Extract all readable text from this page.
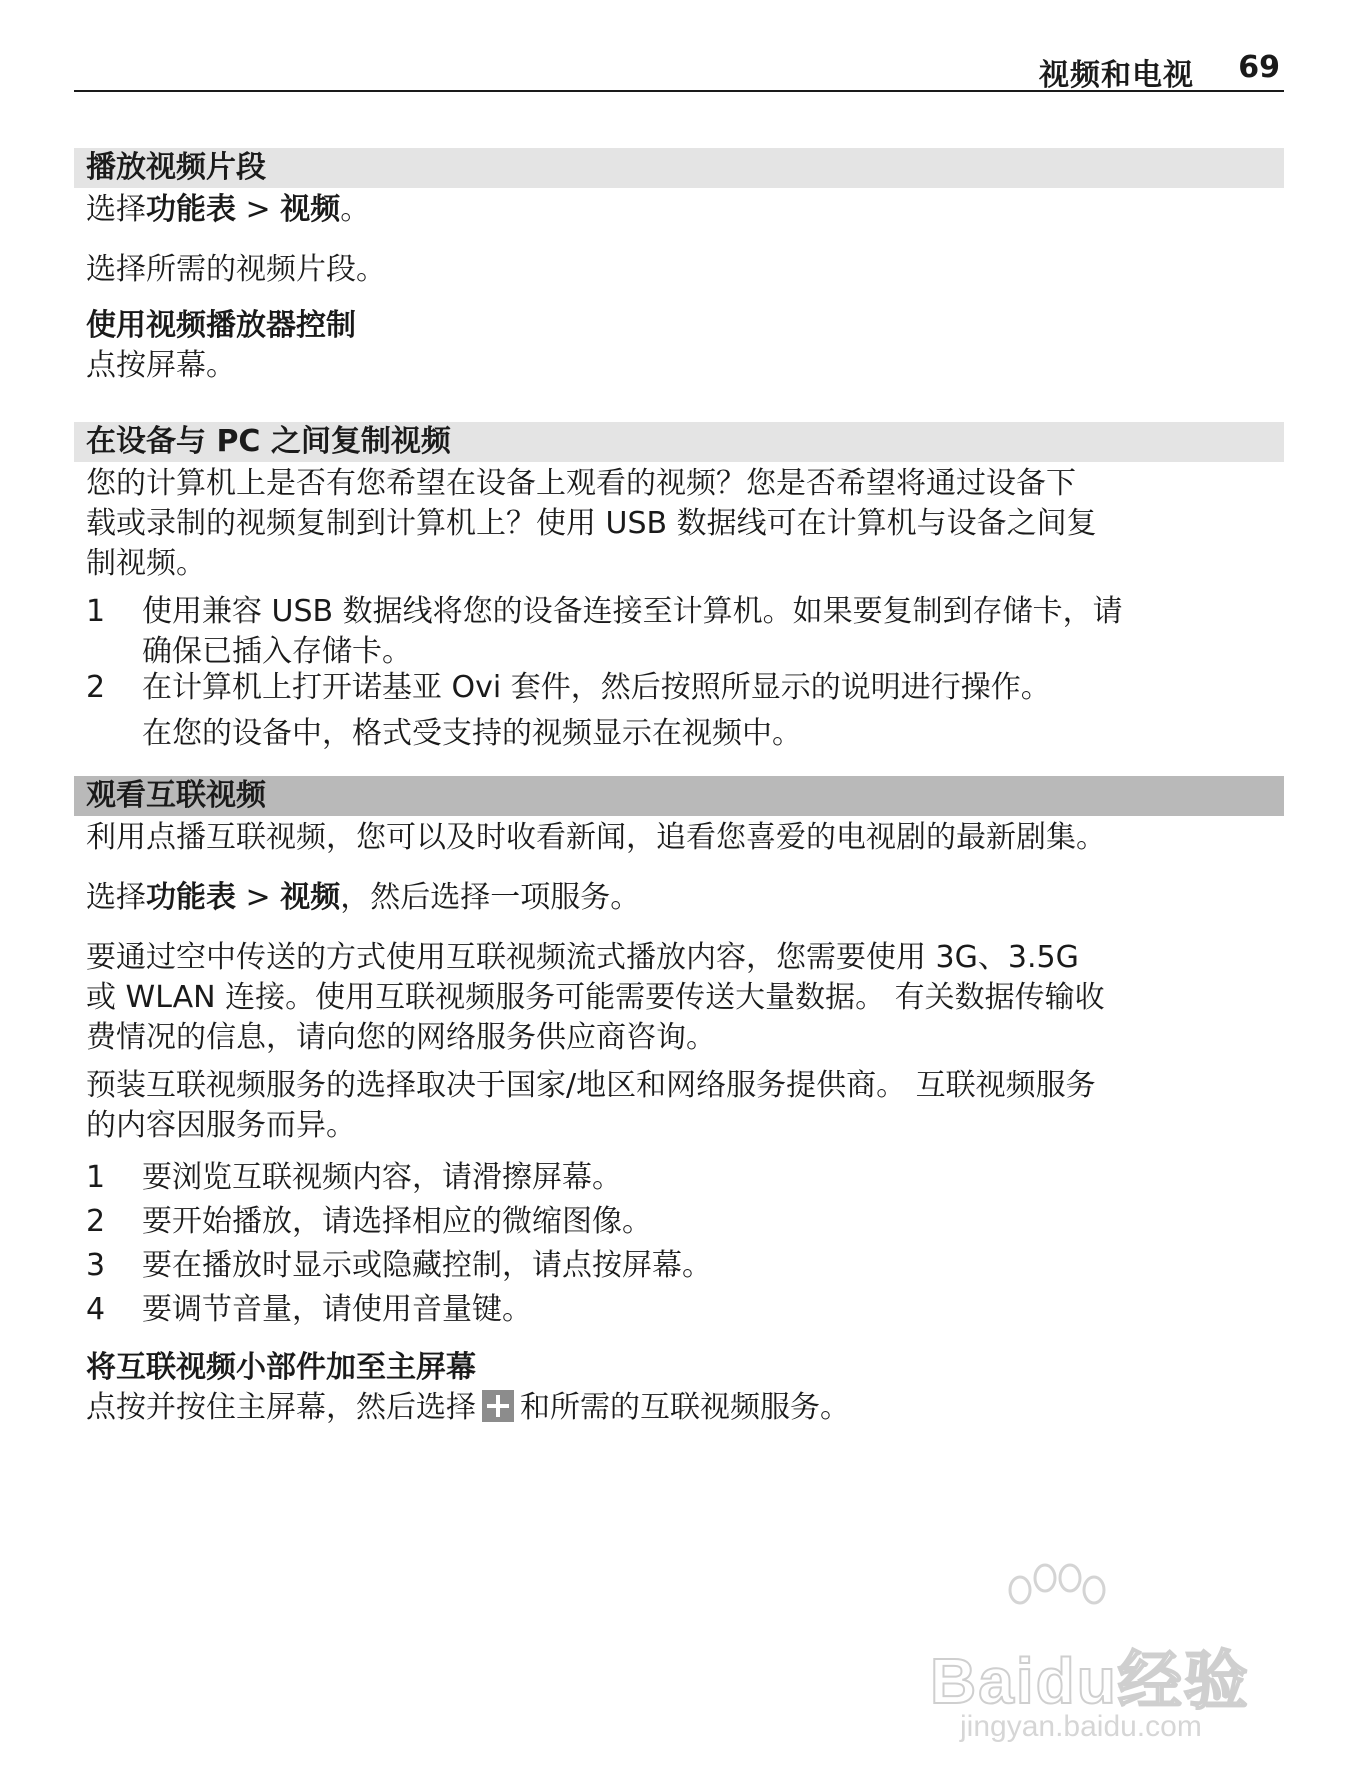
视频和电视 69
播放视频片段
选择功能表 > 视频。
选择所需的视频片段。
使用视频播放器控制
点按屏幕。
在设备与 PC 之间复制视频
您的计算机上是否有您希望在设备上观看的视频？您是否希望将通过设备下
载或录制的视频复制到计算机上？使用 USB 数据线可在计算机与设备之间复
制视频。
1	使用兼容 USB 数据线将您的设备连接至计算机。如果要复制到存储卡，请
确保已插入存储卡。
2	在计算机上打开诺基亚 Ovi 套件，然后按照所显示的说明进行操作。
在您的设备中，格式受支持的视频显示在视频中。
观看互联视频
利用点播互联视频，您可以及时收看新闻，追看您喜爱的电视剧的最新剧集。
选择功能表 > 视频，然后选择一项服务。
要通过空中传送的方式使用互联视频流式播放内容，您需要使用 3G、3.5G
或 WLAN 连接。使用互联视频服务可能需要传送大量数据。 有关数据传输收
费情况的信息，请向您的网络服务供应商咨询。
预装互联视频服务的选择取决于国家/地区和网络服务提供商。 互联视频服务
的内容因服务而异。
1	要浏览互联视频内容，请滑擦屏幕。
2	要开始播放，请选择相应的微缩图像。
3	要在播放时显示或隐藏控制，请点按屏幕。
4	要调节音量，请使用音量键。
将互联视频小部件加至主屏幕
点按并按住主屏幕，然后选择 和所需的互联视频服务。
Baidu经验
jingyan.baidu.com
